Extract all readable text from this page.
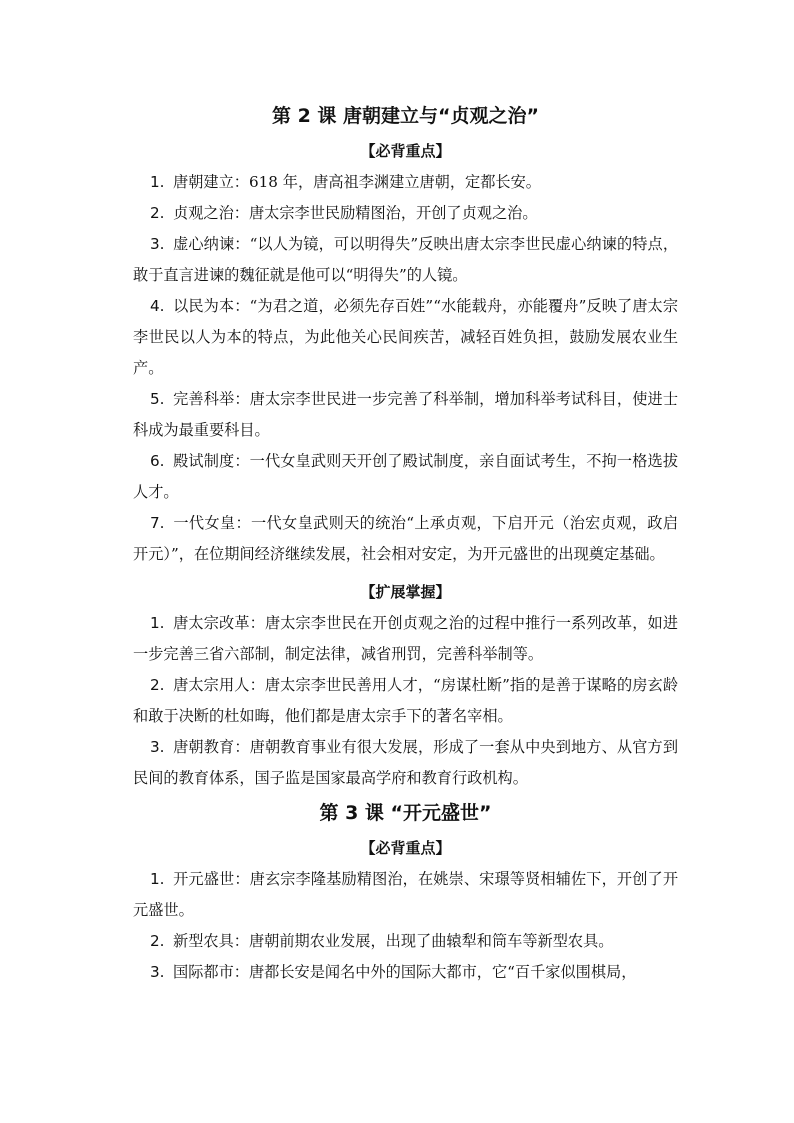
第 2 课 唐朝建立与“贞观之治”
【必背重点】

1. 唐朝建立：618 年，唐高祖李渊建立唐朝，定都长安。

2. 贞观之治：唐太宗李世民励精图治，开创了贞观之治。

3. 虚心纳谏：“以人为镜，可以明得失”反映出唐太宗李世民虚心纳谏的特点，敢于直言进谏的魏征就是他可以“明得失”的人镜。

4. 以民为本：“为君之道，必须先存百姓”“水能载舟，亦能覆舟”反映了唐太宗李世民以人为本的特点，为此他关心民间疾苦，减轻百姓负担，鼓励发展农业生产。

5. 完善科举：唐太宗李世民进一步完善了科举制，增加科举考试科目，使进士科成为最重要科目。

6. 殿试制度：一代女皇武则天开创了殿试制度，亲自面试考生，不拘一格选拔人才。

7. 一代女皇：一代女皇武则天的统治“上承贞观，下启开元（治宏贞观，政启开元）”，在位期间经济继续发展，社会相对安定，为开元盛世的出现奠定基础。

【扩展掌握】

1. 唐太宗改革：唐太宗李世民在开创贞观之治的过程中推行一系列改革，如进一步完善三省六部制，制定法律，减省刑罚，完善科举制等。

2. 唐太宗用人：唐太宗李世民善用人才，“房谋杜断”指的是善于谋略的房玄龄和敢于决断的杜如晦，他们都是唐太宗手下的著名宰相。

3. 唐朝教育：唐朝教育事业有很大发展，形成了一套从中央到地方、从官方到民间的教育体系，国子监是国家最高学府和教育行政机构。

第 3 课 “开元盛世”
【必背重点】

1. 开元盛世：唐玄宗李隆基励精图治，在姚崇、宋璟等贤相辅佐下，开创了开元盛世。

2. 新型农具：唐朝前期农业发展，出现了曲辕犁和筒车等新型农具。

3. 国际都市：唐都长安是闻名中外的国际大都市，它“百千家似围棋局，
